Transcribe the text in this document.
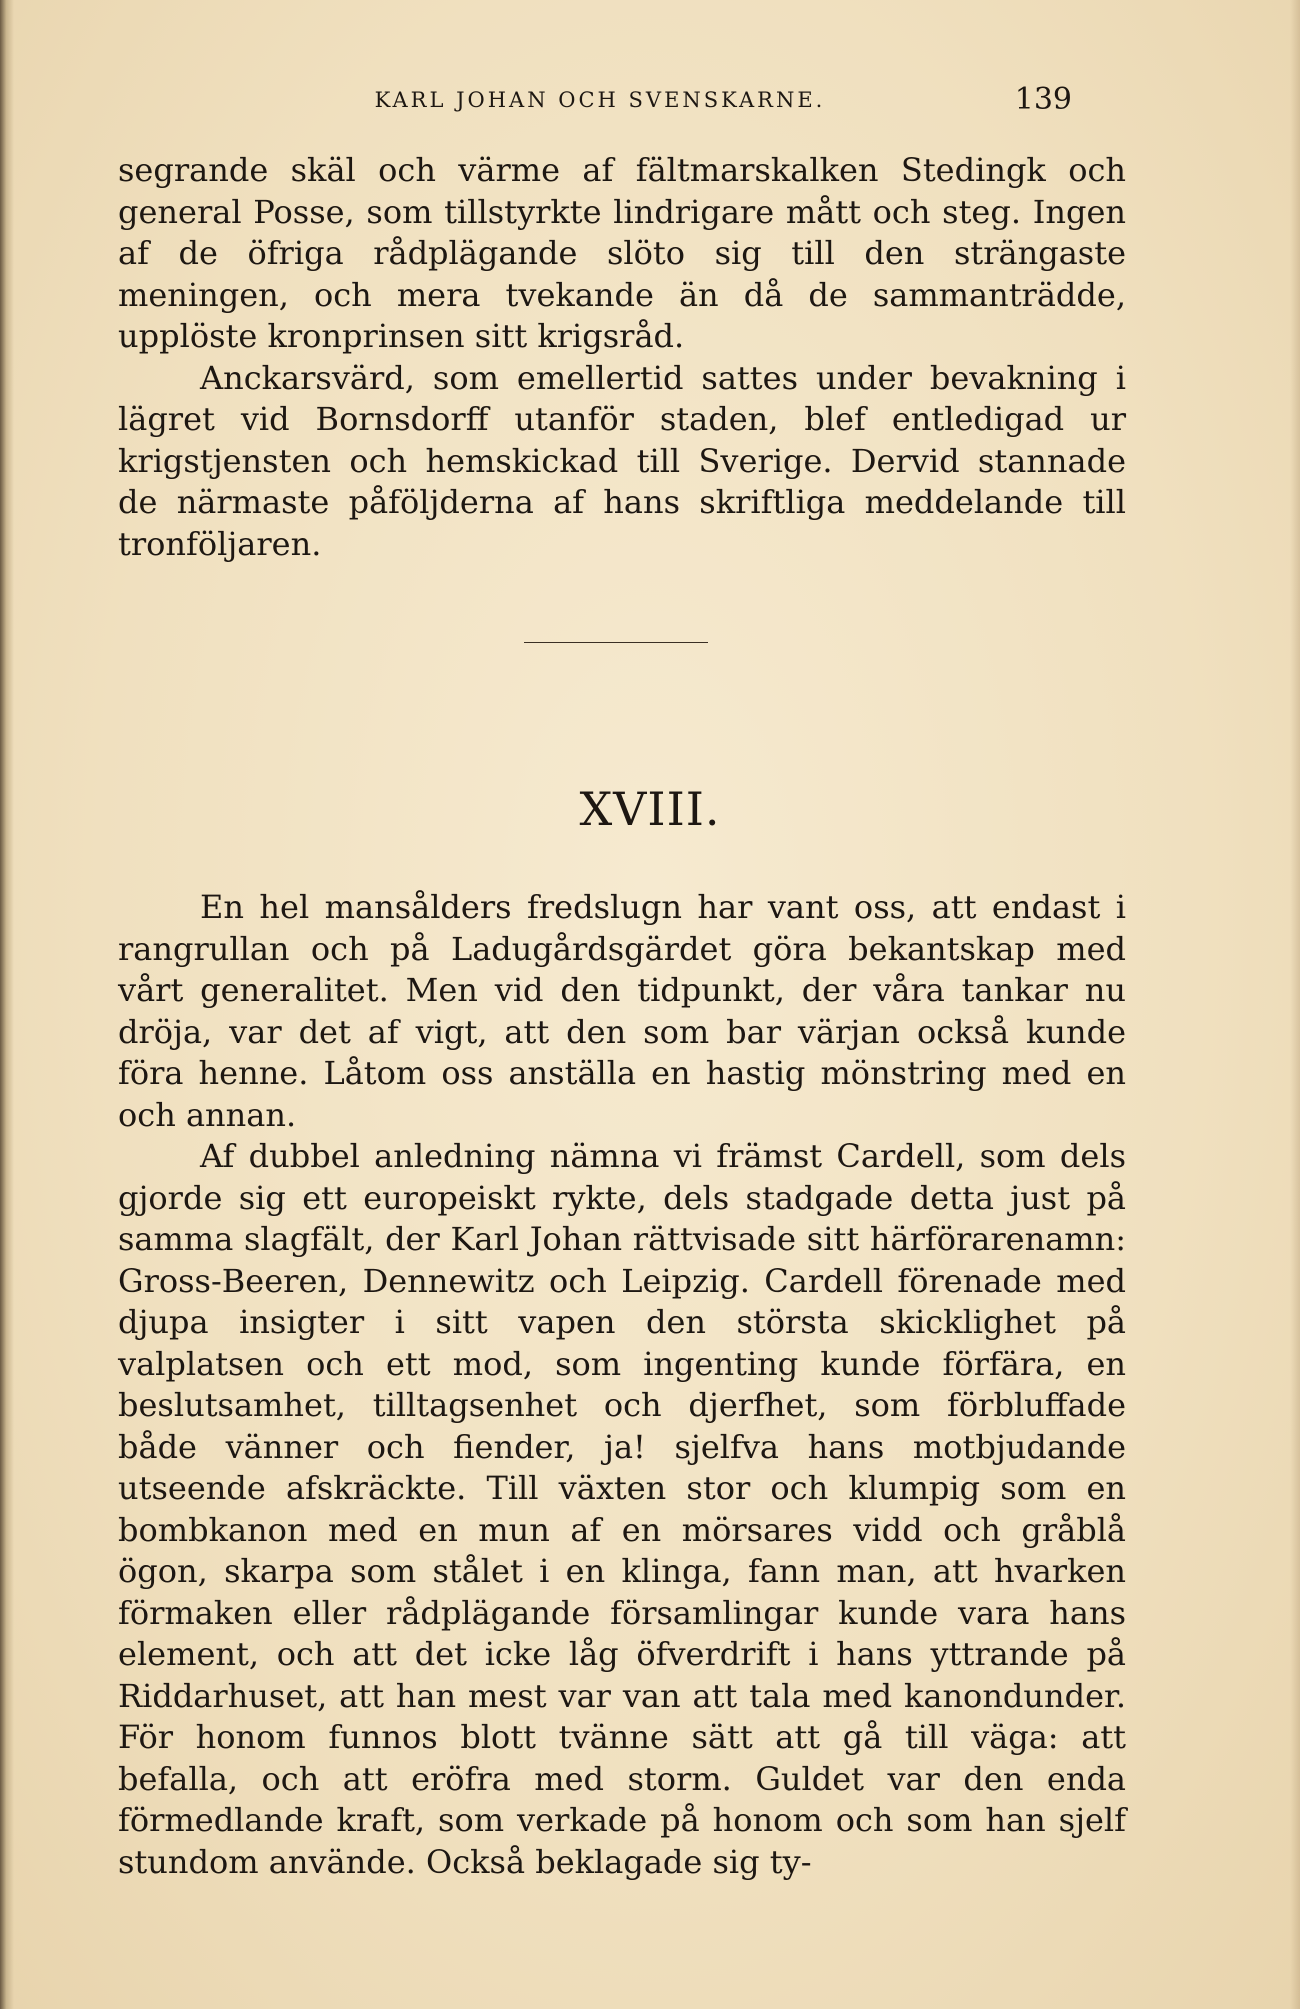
KARL JOHAN OCH SVENSKARNE.	139

segrande skäl och värme af fältmarskalken Stedingk och general Posse, som tillstyrkte lindrigare mått och steg. Ingen af de öfriga rådplägande slöto sig till den strängaste meningen, och mera tvekande än då de sammanträdde, upplöste kronprinsen sitt krigsråd.

Anckarsvärd, som emellertid sattes under bevakning i lägret vid Bornsdorff utanför staden, blef entledigad ur krigstjensten och hemskickad till Sverige. Dervid stannade de närmaste påföljderna af hans skriftliga meddelande till tronföljaren.

XVIII.

En hel mansålders fredslugn har vant oss, att endast i rangrullan och på Ladugårdsgärdet göra bekantskap med vårt generalitet. Men vid den tidpunkt, der våra tankar nu dröja, var det af vigt, att den som bar värjan också kunde föra henne. Låtom oss anställa en hastig mönstring med en och annan.

Af dubbel anledning nämna vi främst Cardell, som dels gjorde sig ett europeiskt rykte, dels stadgade detta just på samma slagfält, der Karl Johan rättvisade sitt härförarenamn: Gross-Beeren, Dennewitz och Leipzig. Cardell förenade med djupa insigter i sitt vapen den största skicklighet på valplatsen och ett mod, som ingenting kunde förfära, en beslutsamhet, tilltagsenhet och djerfhet, som förbluffade både vänner och fiender, ja! sjelfva hans motbjudande utseende afskräckte. Till växten stor och klumpig som en bombkanon med en mun af en mörsares vidd och gråblå ögon, skarpa som stålet i en klinga, fann man, att hvarken förmaken eller rådplägande församlingar kunde vara hans element, och att det icke låg öfverdrift i hans yttrande på Riddarhuset, att han mest var van att tala med kanondunder. För honom funnos blott tvänne sätt att gå till väga: att befalla, och att eröfra med storm. Guldet var den enda förmedlande kraft, som verkade på honom och som han sjelf stundom använde. Också beklagade sig ty-
